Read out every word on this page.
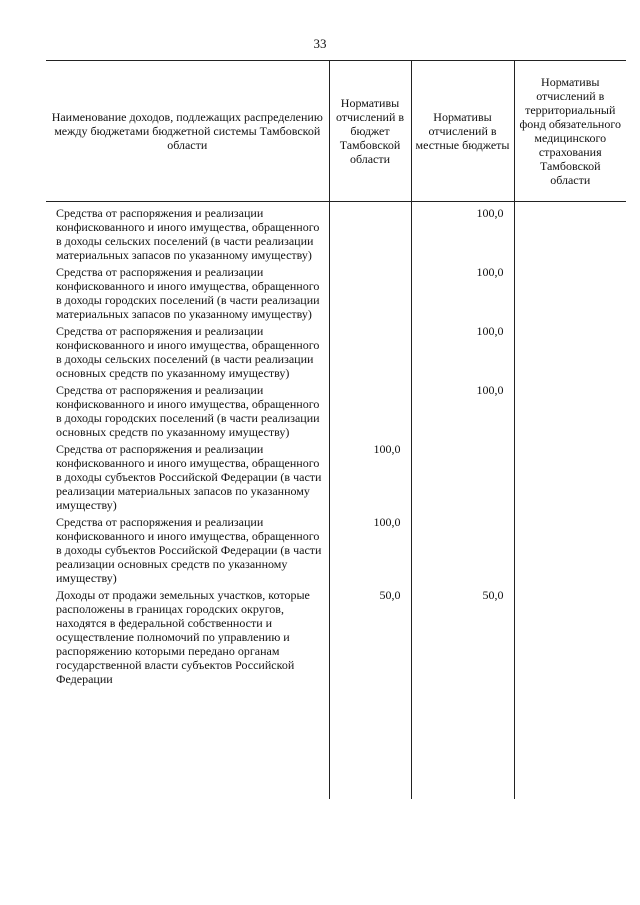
33
Наименование доходов, подлежащих распределению между бюджетами бюджетной системы Тамбовской области	Нормативы отчислений в бюджет Тамбовской области	Нормативы отчислений в местные бюджеты	Нормативы отчислений в территориальный фонд обязательного медицинского страхования Тамбовской области
Средства от распоряжения и реализации конфискованного и иного имущества, обращенного в доходы сельских поселений (в части реализации материальных запасов по указанному имуществу)		100,0	
Средства от распоряжения и реализации конфискованного и иного имущества, обращенного в доходы городских поселений (в части реализации материальных запасов по указанному имуществу)		100,0	
Средства от распоряжения и реализации конфискованного и иного имущества, обращенного в доходы сельских поселений (в части реализации основных средств по указанному имуществу)		100,0	
Средства от распоряжения и реализации конфискованного и иного имущества, обращенного в доходы городских поселений (в части реализации основных средств по указанному имуществу)		100,0	
Средства от распоряжения и реализации конфискованного и иного имущества, обращенного в доходы субъектов Российской Федерации (в части реализации материальных запасов по указанному имуществу)	100,0		
Средства от распоряжения и реализации конфискованного и иного имущества, обращенного в доходы субъектов Российской Федерации (в части реализации основных средств по указанному имуществу)	100,0		
Доходы от продажи земельных участков, которые расположены в границах городских округов, находятся в федеральной собственности и осуществление полномочий по управлению и распоряжению которыми передано органам государственной власти субъектов Российской Федерации	50,0	50,0	
